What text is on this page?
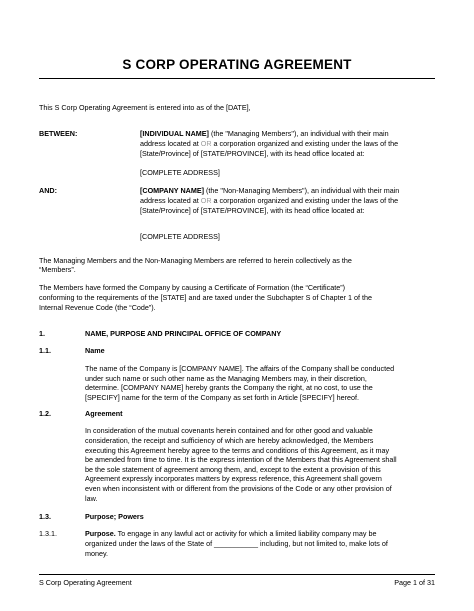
S CORP OPERATING AGREEMENT
This S Corp Operating Agreement is entered into as of the [DATE],
BETWEEN:	[INDIVIDUAL NAME] (the "Managing Members"), an individual with their main
address located at OR a corporation organized and existing under the laws of the
[State/Province] of [STATE/PROVINCE], with its head office located at:
[COMPLETE ADDRESS]
AND:	[COMPANY NAME] (the "Non-Managing Members"), an individual with their main
address located at OR a corporation organized and existing under the laws of the
[State/Province] of [STATE/PROVINCE], with its head office located at:
[COMPLETE ADDRESS]
The Managing Members and the Non-Managing Members are referred to herein collectively as the
“Members”.
The Members have formed the Company by causing a Certificate of Formation (the “Certificate”)
conforming to the requirements of the [STATE] and are taxed under the Subchapter S of Chapter 1 of the
Internal Revenue Code (the “Code”).
1.	NAME, PURPOSE AND PRINCIPAL OFFICE OF COMPANY
1.1.	Name
The name of the Company is [COMPANY NAME]. The affairs of the Company shall be conducted
under such name or such other name as the Managing Members may, in their discretion,
determine. [COMPANY NAME] hereby grants the Company the right, at no cost, to use the
[SPECIFY] name for the term of the Company as set forth in Article [SPECIFY] hereof.
1.2.	Agreement
In consideration of the mutual covenants herein contained and for other good and valuable
consideration, the receipt and sufficiency of which are hereby acknowledged, the Members
executing this Agreement hereby agree to the terms and conditions of this Agreement, as it may
be amended from time to time. It is the express intention of the Members that this Agreement shall
be the sole statement of agreement among them, and, except to the extent a provision of this
Agreement expressly incorporates matters by express reference, this Agreement shall govern
even when inconsistent with or different from the provisions of the Code or any other provision of
law.
1.3.	Purpose; Powers
1.3.1.	Purpose. To engage in any lawful act or activity for which a limited liability company may be
organized under the laws of the State of ___________ including, but not limited to, make lots of
money.
S Corp Operating Agreement	Page 1 of 31
